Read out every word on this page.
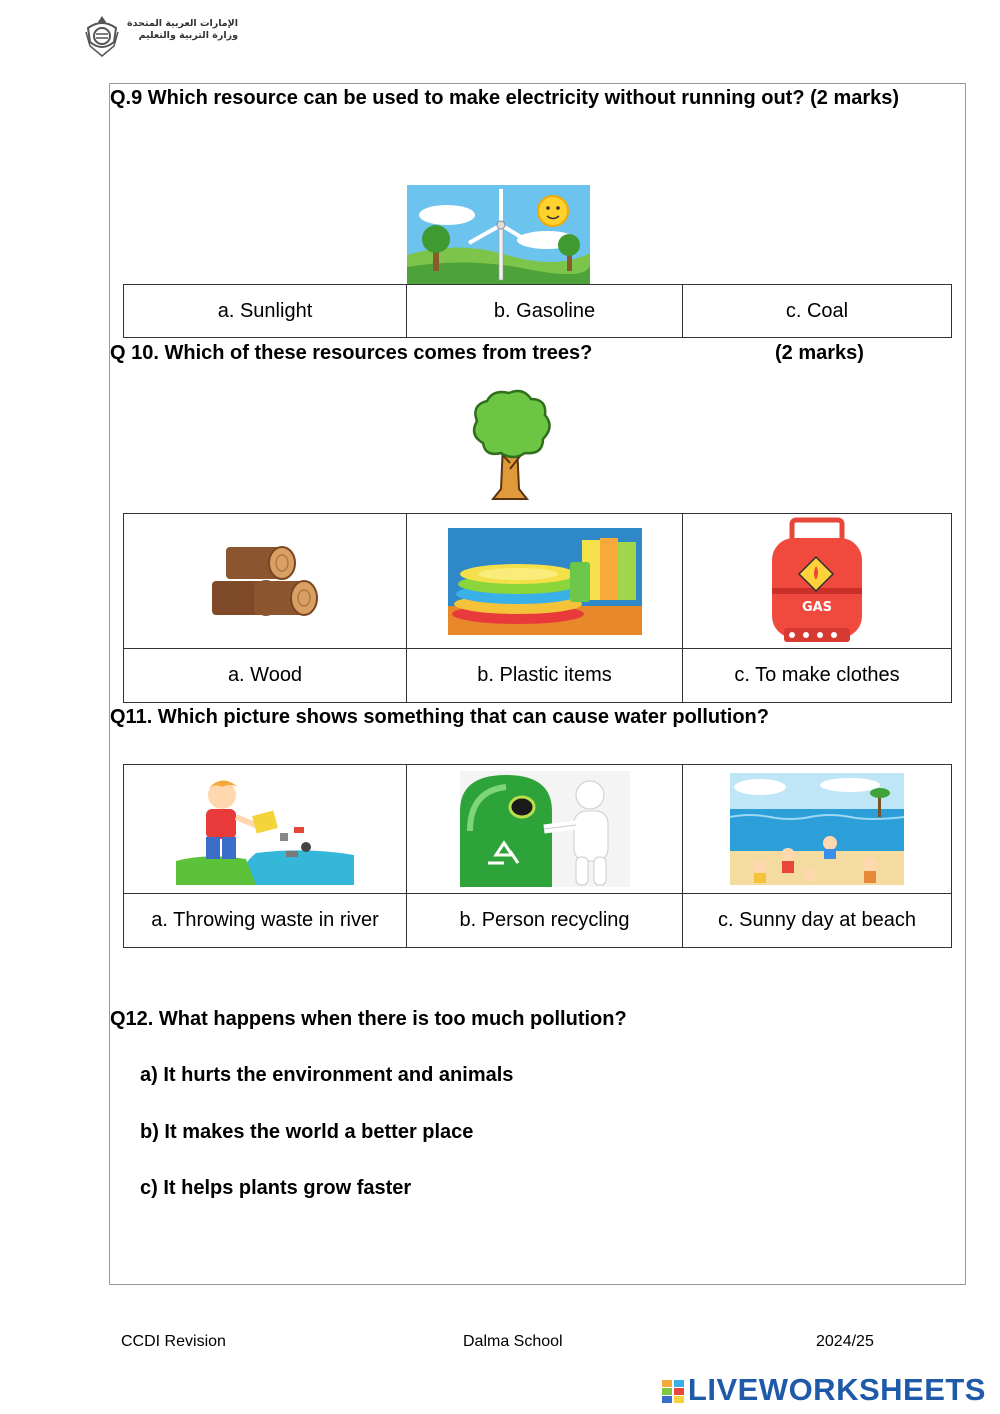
الإمارات العربية المتحدة
وزارة التربية والتعليم
Q.9 Which resource can be used to make electricity without running out? (2 marks)
a. Sunlight	b. Gasoline	c. Coal
Q 10. Which of these resources comes from trees?	(2 marks)

GAS

a. Wood	b. Plastic items	c. To make clothes
Q11. Which picture shows something that can cause water pollution?

a. Throwing waste in river	b. Person recycling	c. Sunny day at beach
Q12. What happens when there is too much pollution?
a) It hurts the environment and animals
b) It makes the world a better place
c) It helps plants grow faster
CCDI Revision	Dalma School	2024/25
LIVEWORKSHEETS
